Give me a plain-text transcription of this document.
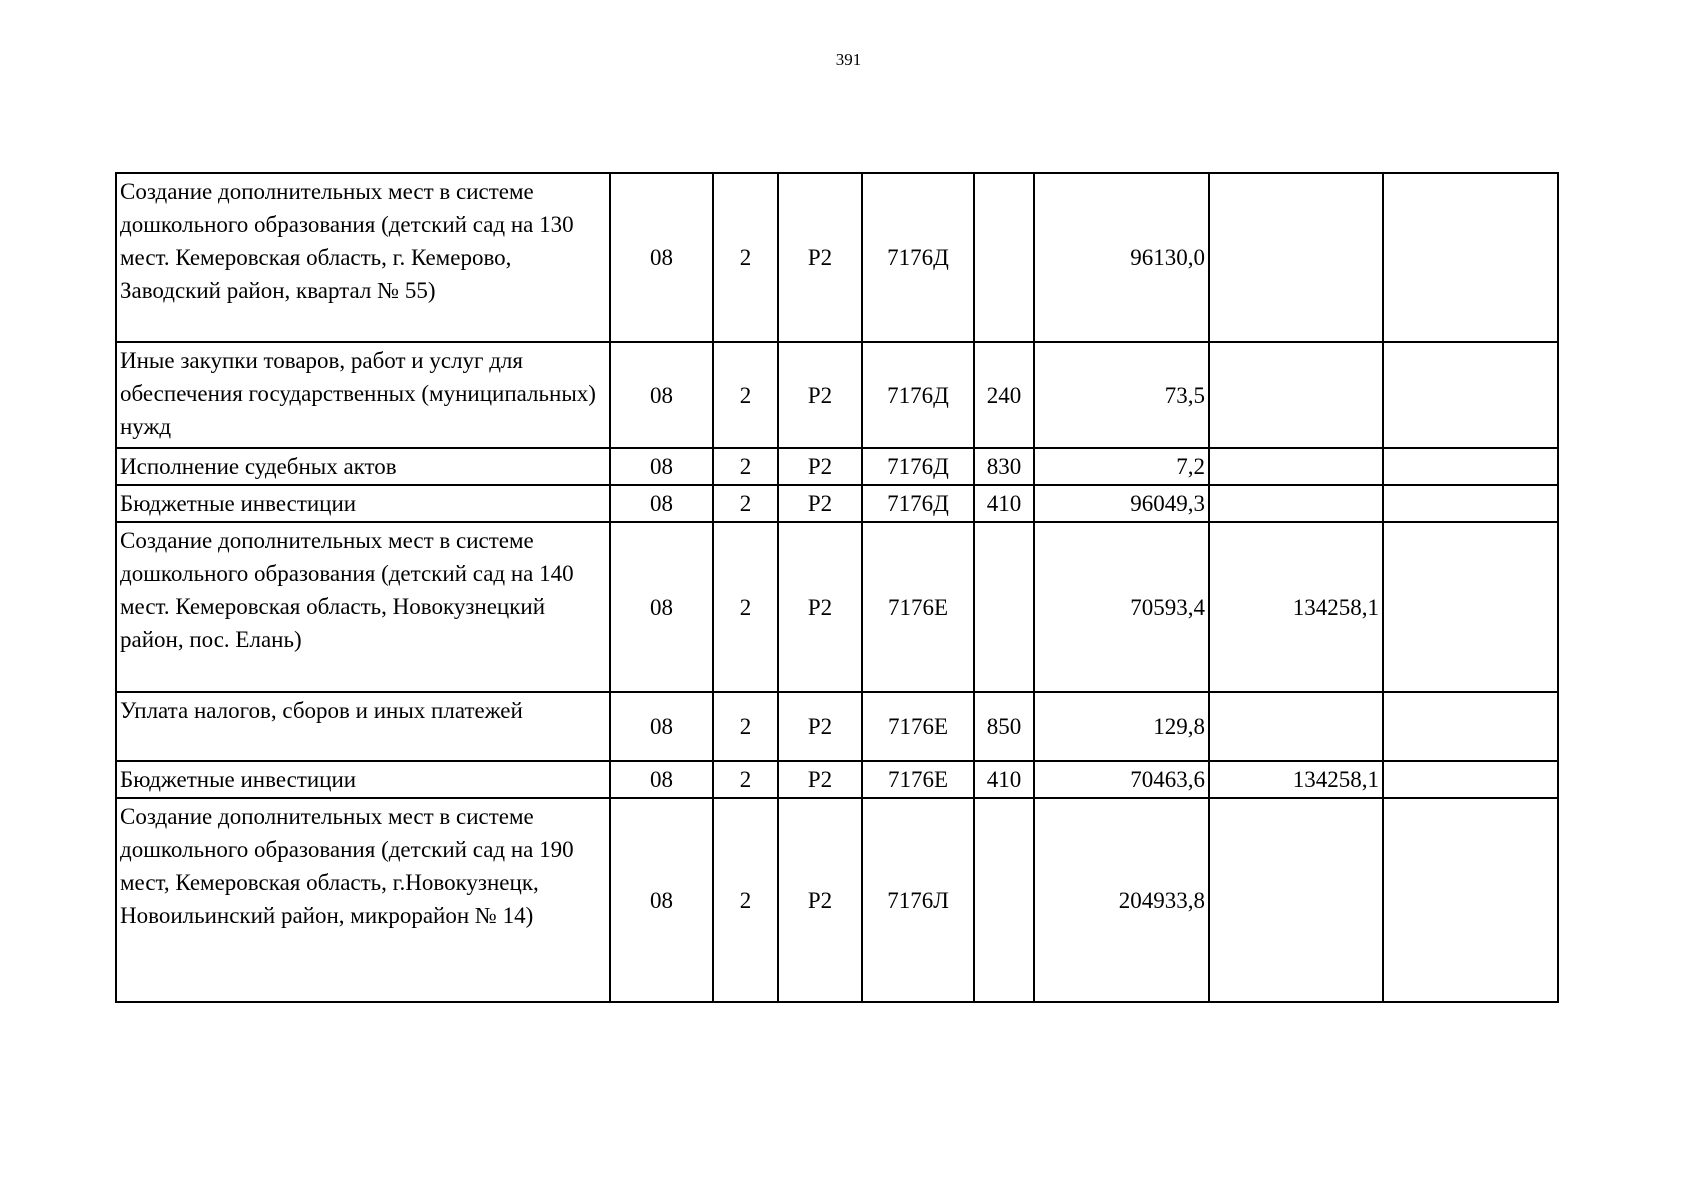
391
Создание дополнительных мест в системе дошкольного образования (детский сад на 130 мест. Кемеровская область, г. Кемерово, Заводский район, квартал № 55)	08	2	Р2	7176Д		96130,0		
Иные закупки товаров, работ и услуг для обеспечения государственных (муниципальных) нужд	08	2	Р2	7176Д	240	73,5		
Исполнение судебных актов	08	2	Р2	7176Д	830	7,2		
Бюджетные инвестиции	08	2	Р2	7176Д	410	96049,3		
Создание дополнительных мест в системе дошкольного образования (детский сад на 140 мест. Кемеровская область, Новокузнецкий район, пос. Елань)	08	2	Р2	7176Е		70593,4	134258,1	
Уплата налогов, сборов и иных платежей	08	2	Р2	7176Е	850	129,8		
Бюджетные инвестиции	08	2	Р2	7176Е	410	70463,6	134258,1	
Создание дополнительных мест в системе дошкольного образования (детский сад на 190 мест, Кемеровская область, г.Новокузнецк, Новоильинский район, микрорайон № 14)	08	2	Р2	7176Л		204933,8		
